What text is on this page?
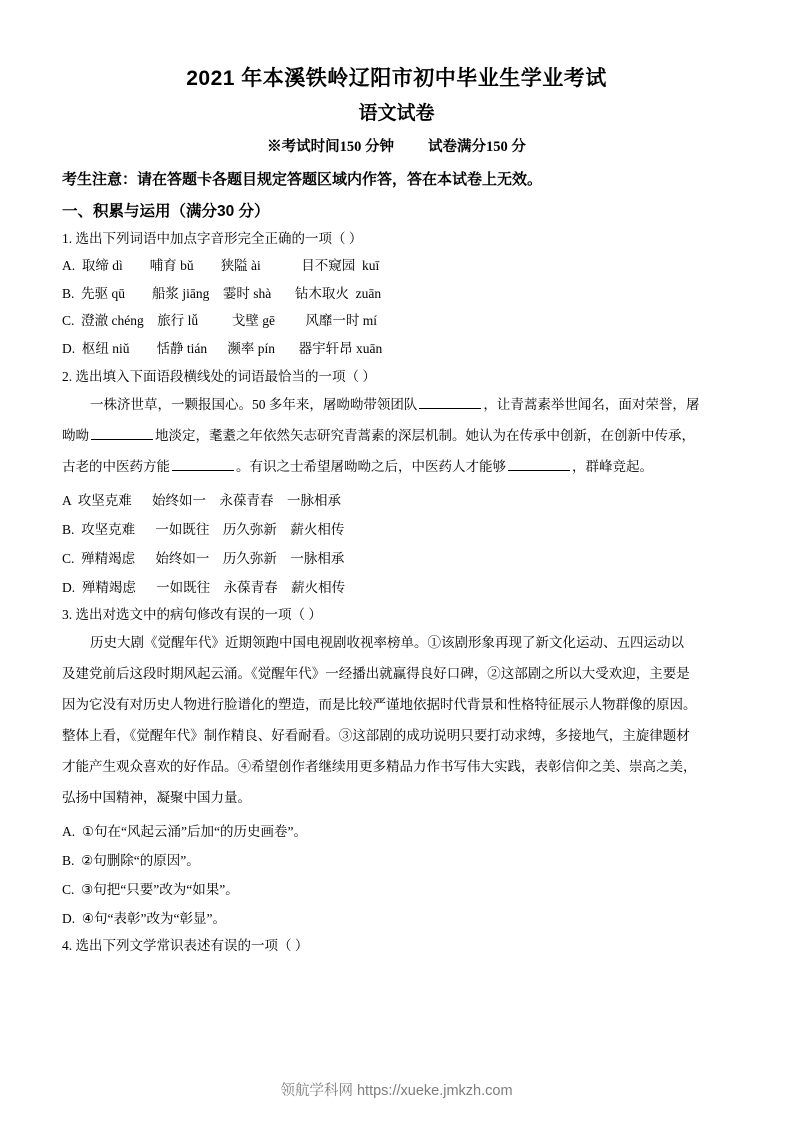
2021 年本溪铁岭辽阳市初中毕业生学业考试
语文试卷
※考试时间150 分钟 试卷满分150 分
考生注意：请在答题卡各题目规定答题区域内作答，答在本试卷上无效。
一、积累与运用（满分30 分）
1. 选出下列词语中加点字音形完全正确的一项（ ）
A.  取缔 dì        哺育 bǔ        狭隘 ài            目不窥园  kuī
B.  先驱 qū        船浆 jiāng    霎时 shà       钻木取火  zuān
C.  澄澈 chéng    旅行 lǚ          戈壁 gē         风靡一时 mí
D.  枢纽 niǔ        恬静 tián      濒率 pín       器宇轩昂 xuān
2. 选出填入下面语段横线处的词语最恰当的一项（ ）
一株济世草，一颗报国心。50 多年来，屠呦呦带领团队	，让青蒿素举世闻名，面对荣誉，屠
呦呦	地淡定，耄耋之年依然矢志研究青蒿素的深层机制。她认为在传承中创新，在创新中传承，
古老的中医药方能	。有识之士希望屠呦呦之后，中医药人才能够	，群峰竞起。
A  攻坚克难      始终如一    永葆青春    一脉相承
B.  攻坚克难      一如既往    历久弥新    薪火相传
C.  殚精竭虑      始终如一    历久弥新    一脉相承
D.  殚精竭虑      一如既往    永葆青春    薪火相传
3. 选出对选文中的病句修改有误的一项（ ）
历史大剧《觉醒年代》近期领跑中国电视剧收视率榜单。①该剧形象再现了新文化运动、五四运动以
及建党前后这段时期风起云涌。《觉醒年代》一经播出就赢得良好口碑，②这部剧之所以大受欢迎，主要是
因为它没有对历史人物进行脸谱化的塑造，而是比较严谨地依据时代背景和性格特征展示人物群像的原因。
整体上看，《觉醒年代》制作精良、好看耐看。③这部剧的成功说明只要打动求缚，多接地气，主旋律题材
才能产生观众喜欢的好作品。④希望创作者继续用更多精品力作书写伟大实践，表彰信仰之美、崇高之美，
弘扬中国精神，凝聚中国力量。
A.  ①句在“风起云涌”后加“的历史画卷”。
B.  ②句删除“的原因”。
C.  ③句把“只要”改为“如果”。
D.  ④句“表彰”改为“彰显”。
4. 选出下列文学常识表述有误的一项（ ）
领航学科网 https://xueke.jmkzh.com
